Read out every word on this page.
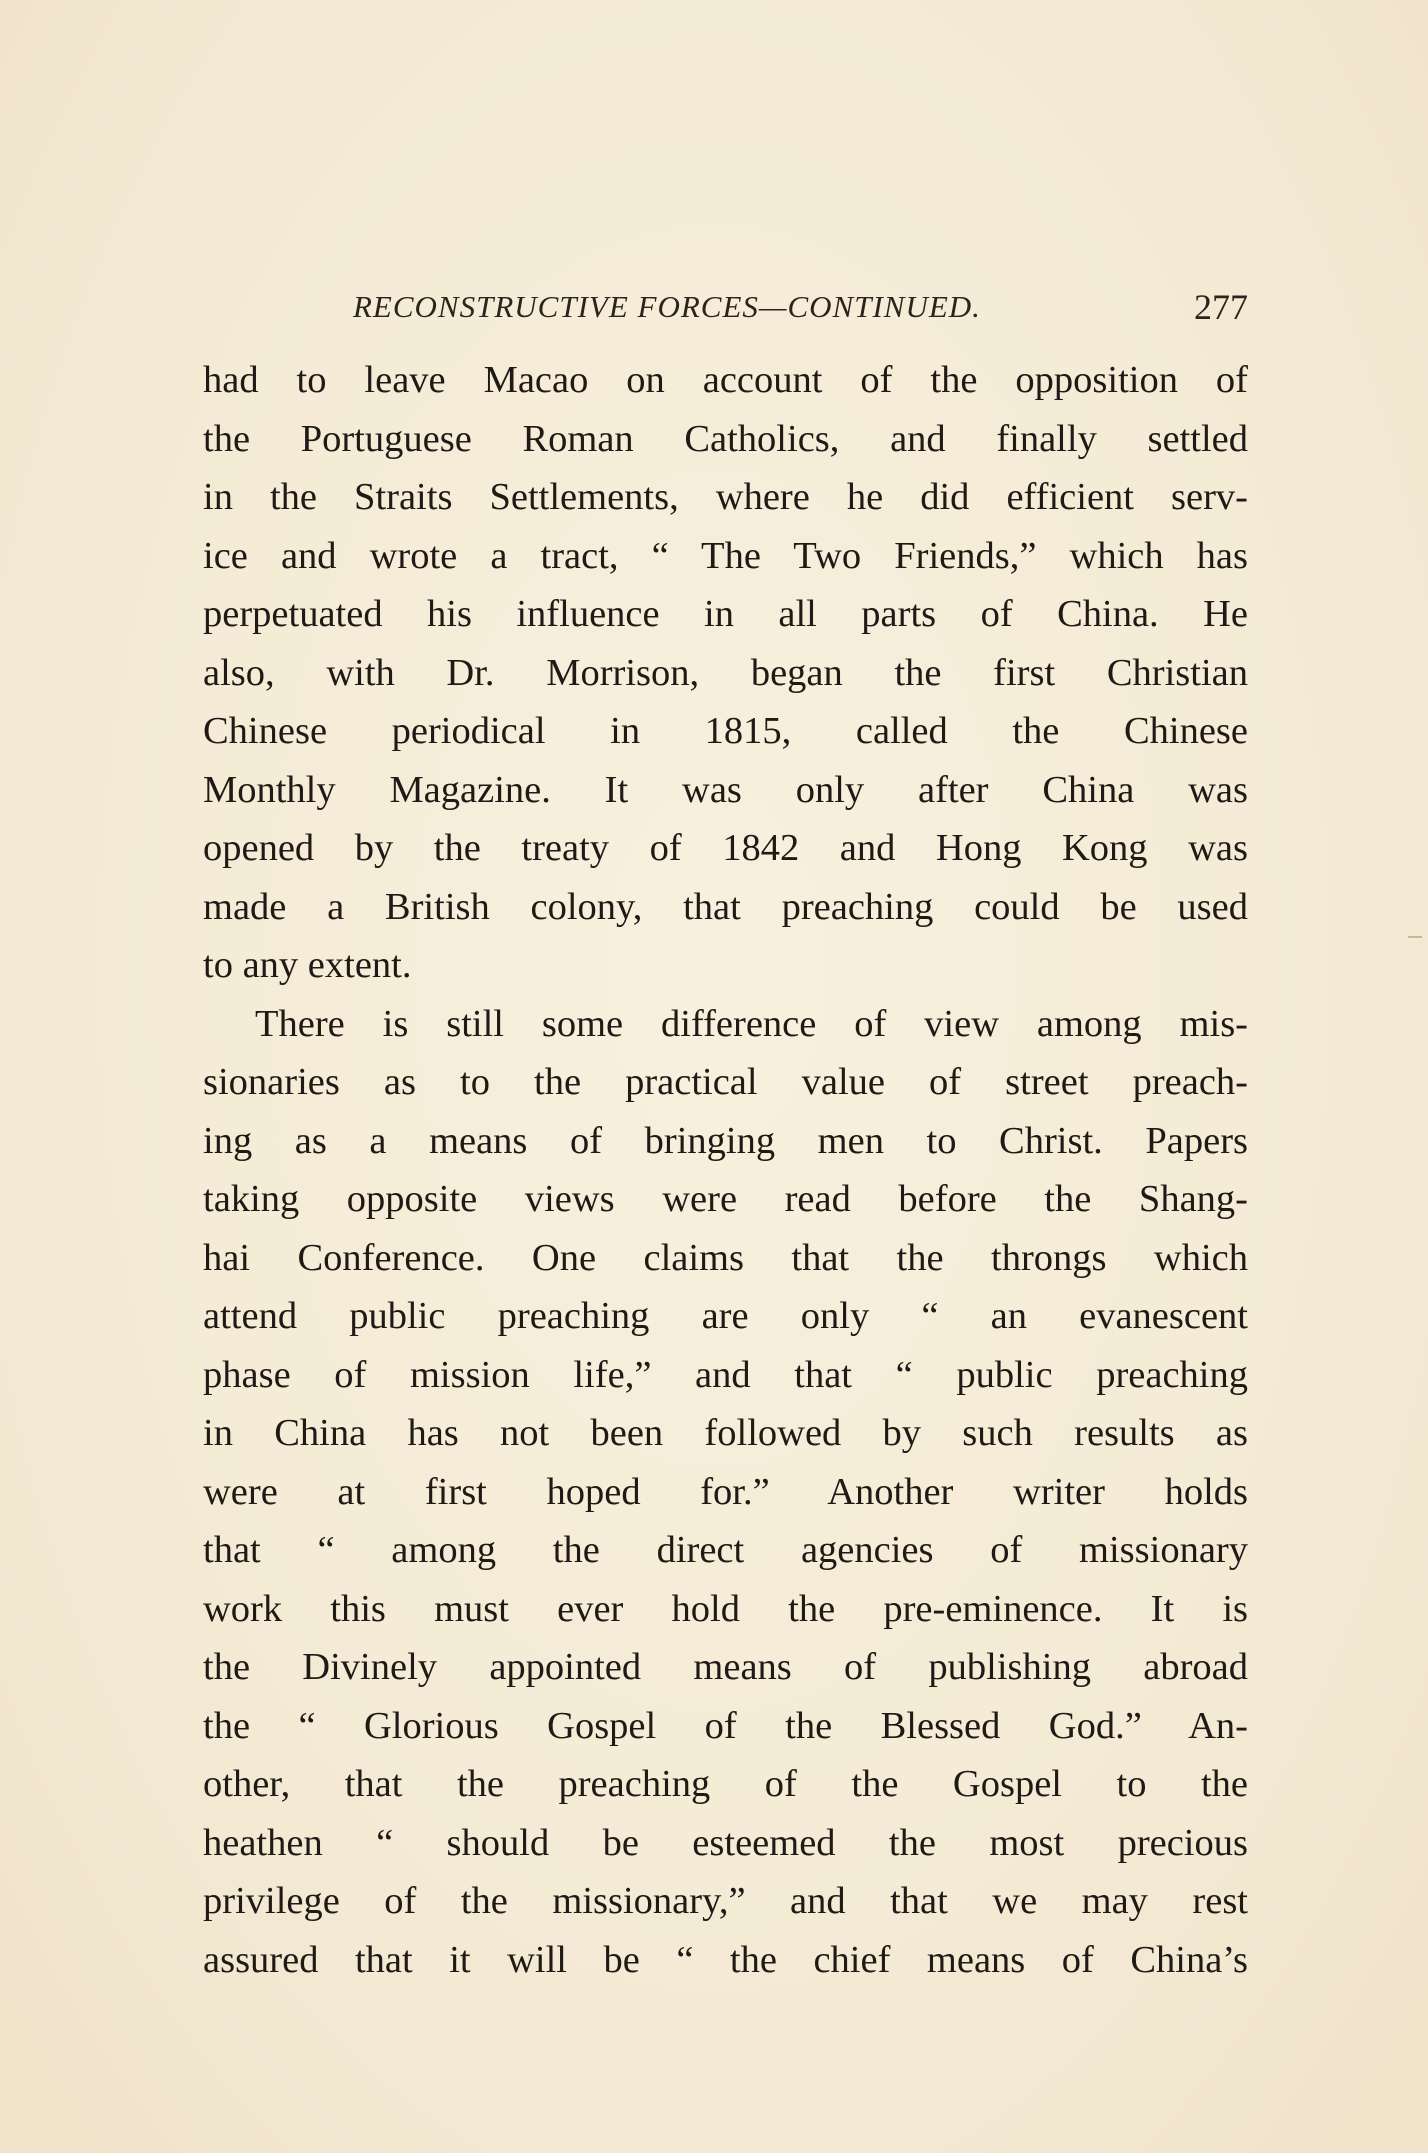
RECONSTRUCTIVE FORCES—CONTINUED.	277
had to leave Macao on account of the opposition of
the Portuguese Roman Catholics, and finally settled
in the Straits Settlements, where he did efficient serv-
ice and wrote a tract, “ The Two Friends,” which has
perpetuated his influence in all parts of China. He
also, with Dr. Morrison, began the first Christian
Chinese periodical in 1815, called the Chinese
Monthly Magazine. It was only after China was
opened by the treaty of 1842 and Hong Kong was
made a British colony, that preaching could be used
to any extent.
There is still some difference of view among mis-
sionaries as to the practical value of street preach-
ing as a means of bringing men to Christ. Papers
taking opposite views were read before the Shang-
hai Conference. One claims that the throngs which
attend public preaching are only “ an evanescent
phase of mission life,” and that “ public preaching
in China has not been followed by such results as
were at first hoped for.” Another writer holds
that “ among the direct agencies of missionary
work this must ever hold the pre-eminence. It is
the Divinely appointed means of publishing abroad
the “ Glorious Gospel of the Blessed God.” An-
other, that the preaching of the Gospel to the
heathen “ should be esteemed the most precious
privilege of the missionary,” and that we may rest
assured that it will be “ the chief means of China’s
